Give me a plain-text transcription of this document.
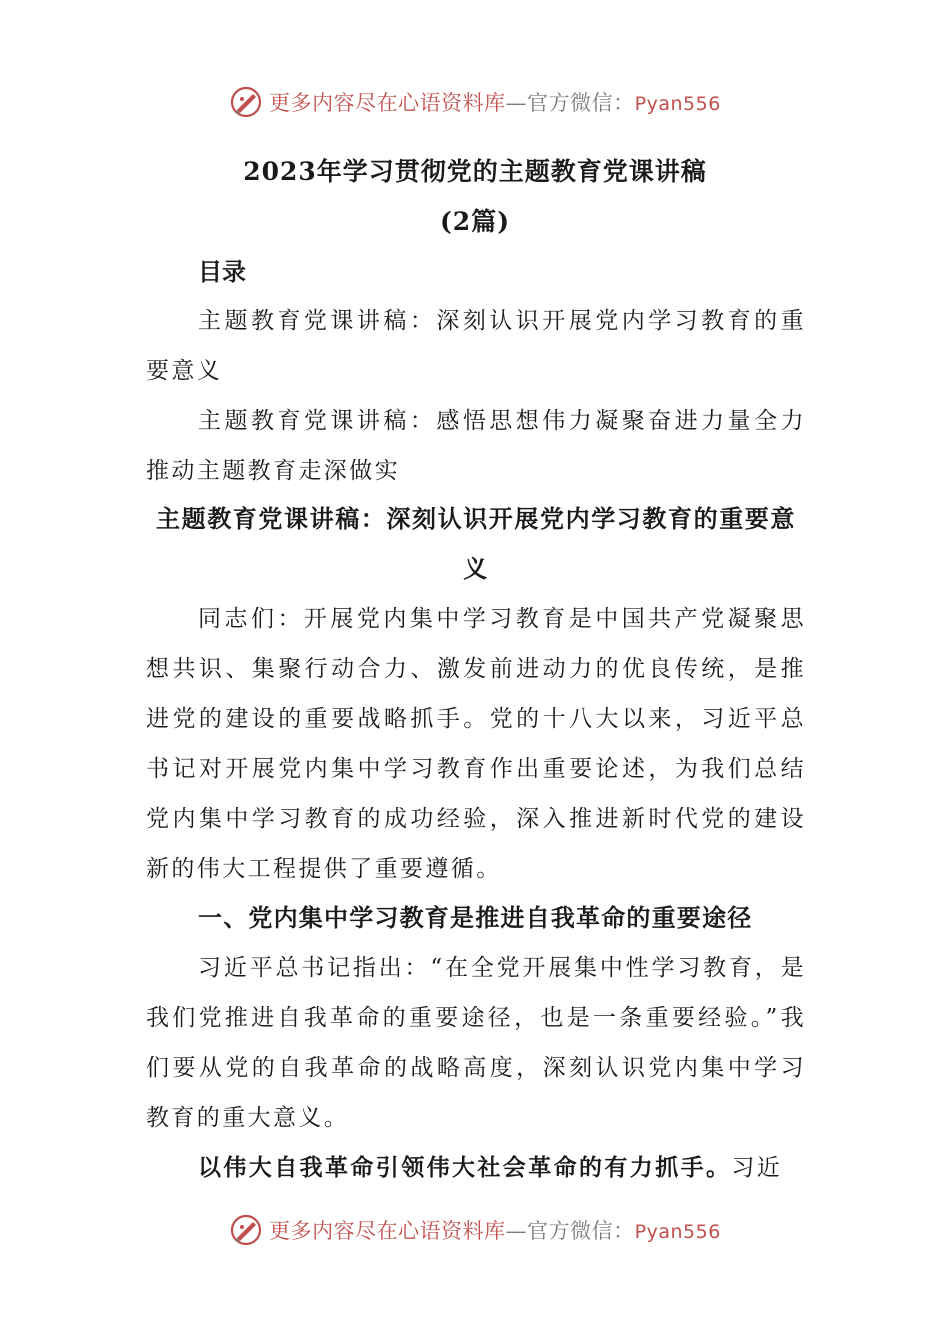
更多内容尽在心语资料库—官方微信：Pyan556
2023年学习贯彻党的主题教育党课讲稿
(2篇)
目录

主题教育党课讲稿：深刻认识开展党内学习教育的重要意义

主题教育党课讲稿：感悟思想伟力凝聚奋进力量全力推动主题教育走深做实

主题教育党课讲稿：深刻认识开展党内学习教育的重要意义

同志们：开展党内集中学习教育是中国共产党凝聚思想共识、集聚行动合力、激发前进动力的优良传统，是推进党的建设的重要战略抓手。党的十八大以来，习近平总书记对开展党内集中学习教育作出重要论述，为我们总结党内集中学习教育的成功经验，深入推进新时代党的建设新的伟大工程提供了重要遵循。

一、党内集中学习教育是推进自我革命的重要途径

习近平总书记指出：“在全党开展集中性学习教育，是我们党推进自我革命的重要途径，也是一条重要经验。”我们要从党的自我革命的战略高度，深刻认识党内集中学习教育的重大意义。

以伟大自我革命引领伟大社会革命的有力抓手。习近

更多内容尽在心语资料库—官方微信：Pyan556
